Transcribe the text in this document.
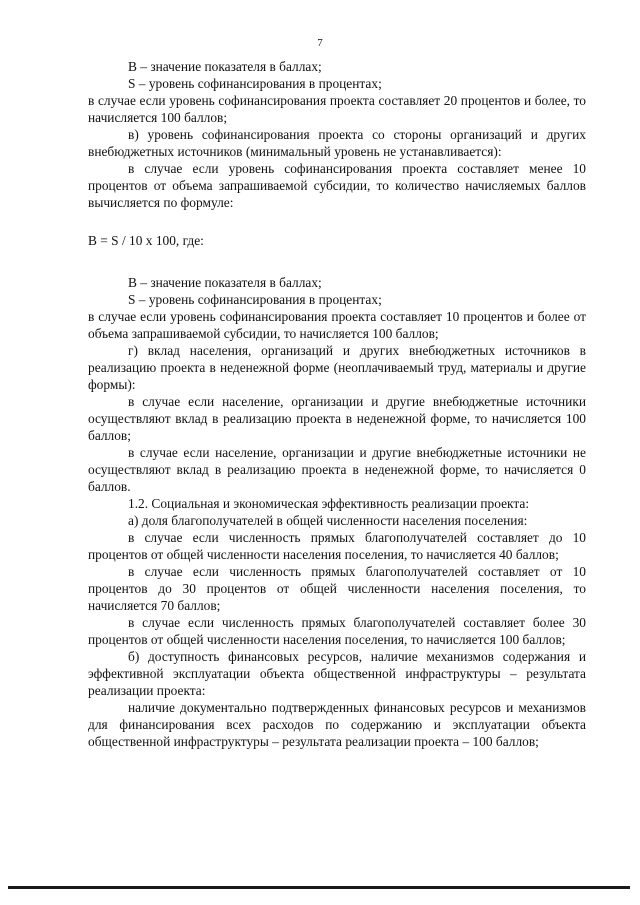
7

B – значение показателя в баллах;

S – уровень софинансирования в процентах;

в случае если уровень софинансирования проекта составляет 20 процентов и более, то начисляется 100 баллов;

в) уровень софинансирования проекта со стороны организаций и других внебюджетных источников (минимальный уровень не устанавливается):

в случае если уровень софинансирования проекта составляет менее 10 процентов от объема запрашиваемой субсидии, то количество начисляемых баллов вычисляется по формуле:

B = S / 10 x 100, где:

B – значение показателя в баллах;

S – уровень софинансирования в процентах;

в случае если уровень софинансирования проекта составляет 10 процентов и более от объема запрашиваемой субсидии, то начисляется 100 баллов;

г) вклад населения, организаций и других внебюджетных источников в реализацию проекта в неденежной форме (неоплачиваемый труд, материалы и другие формы):

в случае если население, организации и другие внебюджетные источники осуществляют вклад в реализацию проекта в неденежной форме, то начисляется 100 баллов;

в случае если население, организации и другие внебюджетные источники не осуществляют вклад в реализацию проекта в неденежной форме, то начисляется 0 баллов.

1.2. Социальная и экономическая эффективность реализации проекта:

а) доля благополучателей в общей численности населения поселения:

в случае если численность прямых благополучателей составляет до 10 процентов от общей численности населения поселения, то начисляется 40 баллов;

в случае если численность прямых благополучателей составляет от 10 процентов до 30 процентов от общей численности населения поселения, то начисляется 70 баллов;

в случае если численность прямых благополучателей составляет более 30 процентов от общей численности населения поселения, то начисляется 100 баллов;

б) доступность финансовых ресурсов, наличие механизмов содержания и эффективной эксплуатации объекта общественной инфраструктуры – результата реализации проекта:

наличие документально подтвержденных финансовых ресурсов и механизмов для финансирования всех расходов по содержанию и эксплуатации объекта общественной инфраструктуры – результата реализации проекта – 100 баллов;
